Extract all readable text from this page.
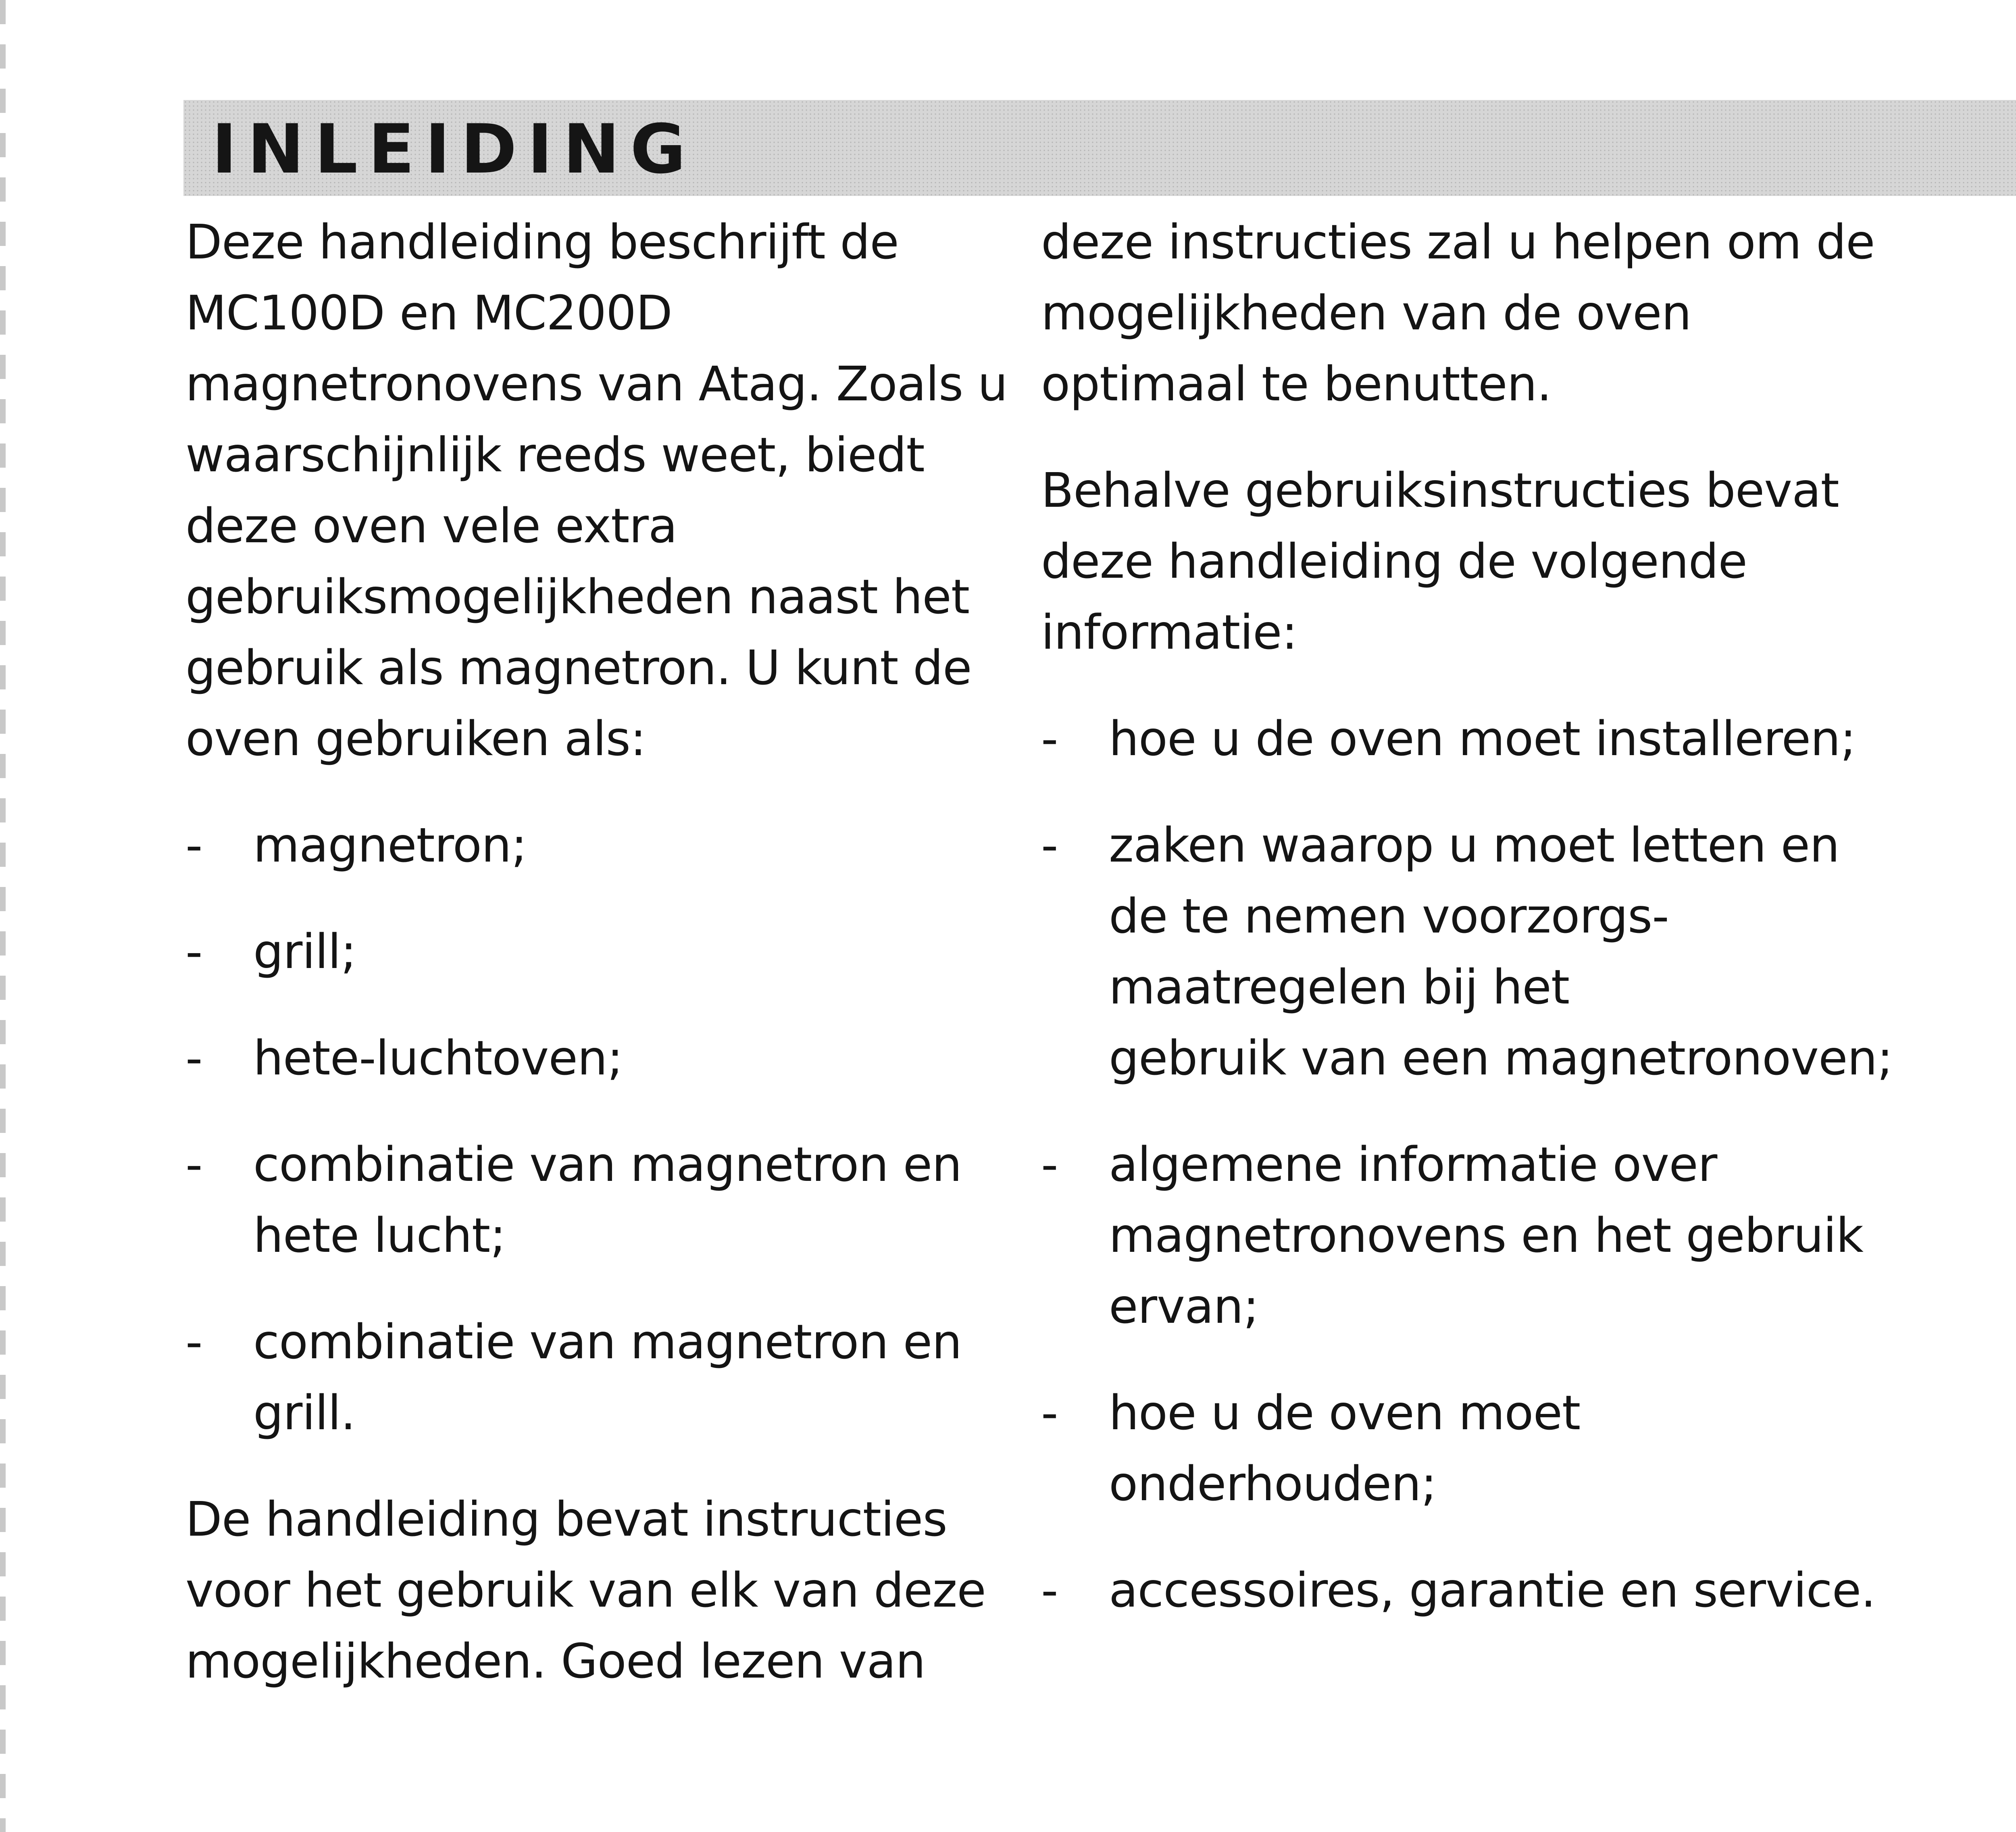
INLEIDING

Deze handleiding beschrijft de
MC100D en MC200D
magnetronovens van Atag. Zoals u
waarschijnlijk reeds weet, biedt
deze oven vele extra
gebruiksmogelijkheden naast het
gebruik als magnetron. U kunt de
oven gebruiken als:

- magnetron;
- grill;
- hete-luchtoven;
- combinatie van magnetron en
hete lucht;
- combinatie van magnetron en
grill.

De handleiding bevat instructies
voor het gebruik van elk van deze
mogelijkheden. Goed lezen van

deze instructies zal u helpen om de
mogelijkheden van de oven
optimaal te benutten.

Behalve gebruiksinstructies bevat
deze handleiding de volgende
informatie:

- hoe u de oven moet installeren;
- zaken waarop u moet letten en
de te nemen voorzorgs-
maatregelen bij het
gebruik van een magnetronoven;
- algemene informatie over
magnetronovens en het gebruik
ervan;
- hoe u de oven moet
onderhouden;
- accessoires, garantie en service.
